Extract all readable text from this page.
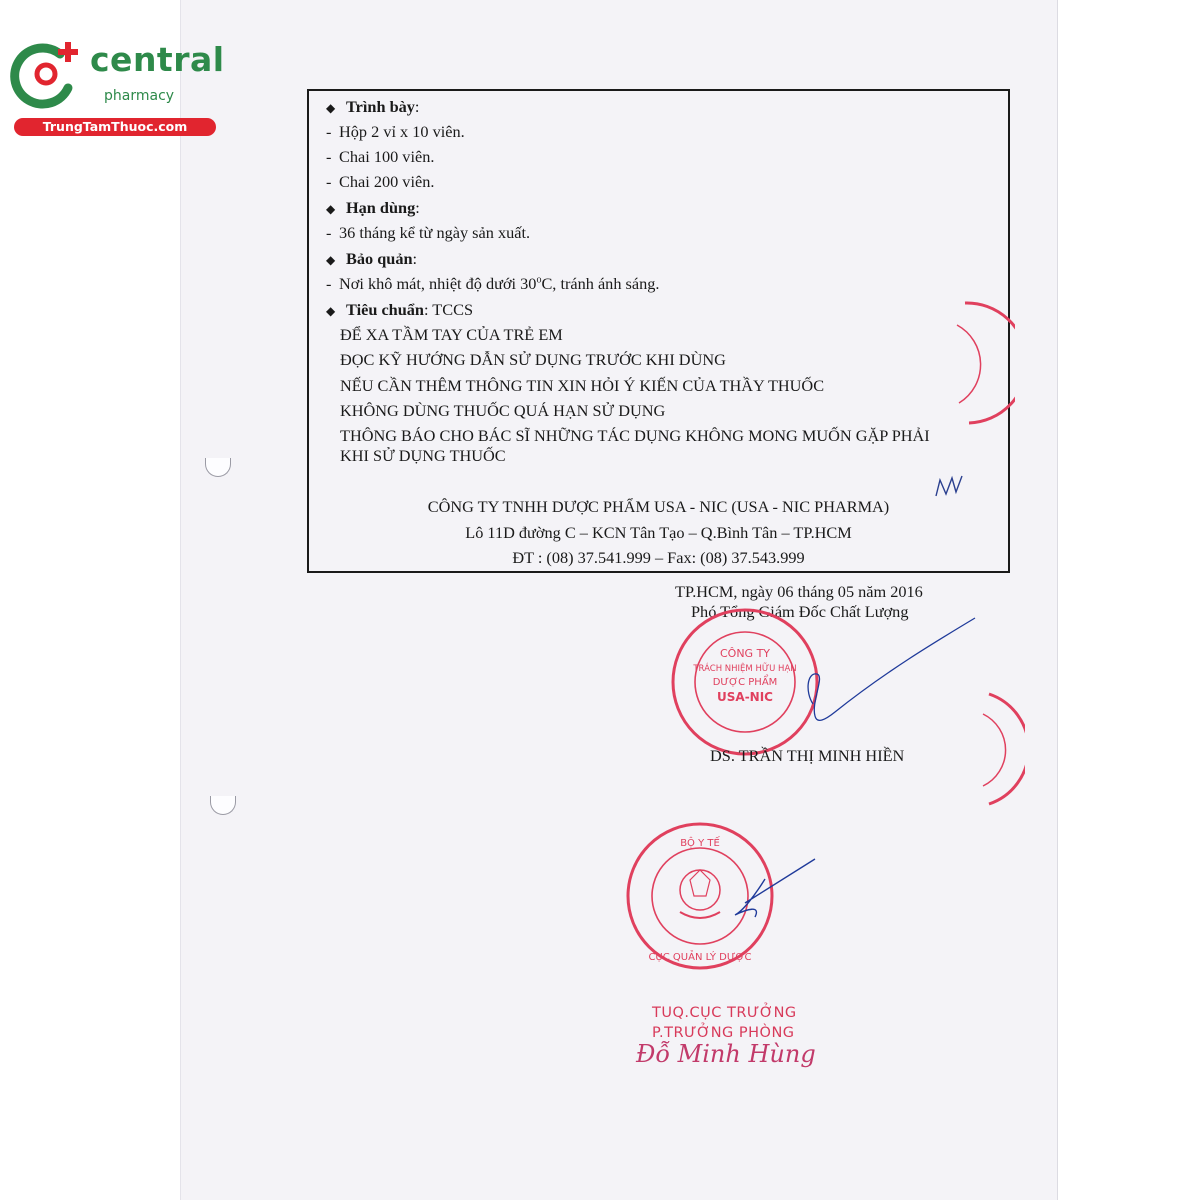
central
pharmacy
TrungTamThuoc.com
◆ Trình bày:
- Hộp 2 vỉ x 10 viên.
- Chai 100 viên.
- Chai 200 viên.
◆ Hạn dùng:
- 36 tháng kể từ ngày sản xuất.
◆ Bảo quản:
- Nơi khô mát, nhiệt độ dưới 30$^o$C, tránh ánh sáng.
◆ Tiêu chuẩn: TCCS
ĐỂ XA TẦM TAY CỦA TRẺ EM
ĐỌC KỸ HƯỚNG DẪN SỬ DỤNG TRƯỚC KHI DÙNG
NẾU CẦN THÊM THÔNG TIN XIN HỎI Ý KIẾN CỦA THẦY THUỐC
KHÔNG DÙNG THUỐC QUÁ HẠN SỬ DỤNG
THÔNG BÁO CHO BÁC SĨ NHỮNG TÁC DỤNG KHÔNG MONG MUỐN GẶP PHẢI
KHI SỬ DỤNG THUỐC
CÔNG TY TNHH DƯỢC PHẨM USA - NIC (USA - NIC PHARMA)
Lô 11D đường C – KCN Tân Tạo – Q.Bình Tân – TP.HCM
ĐT : (08) 37.541.999 – Fax: (08) 37.543.999
TP.HCM, ngày 06 tháng 05 năm 2016
Phó Tổng Giám Đốc Chất Lượng
CÔNG TY
TRÁCH NHIỆM HỮU HẠN
DƯỢC PHẨM
USA-NIC
DS. TRẦN THỊ MINH HIỀN
BỘ Y TẾ
CỤC QUẢN LÝ DƯỢC
TUQ.CỤC TRƯỞNG
P.TRƯỞNG PHÒNG
Đỗ Minh Hùng
